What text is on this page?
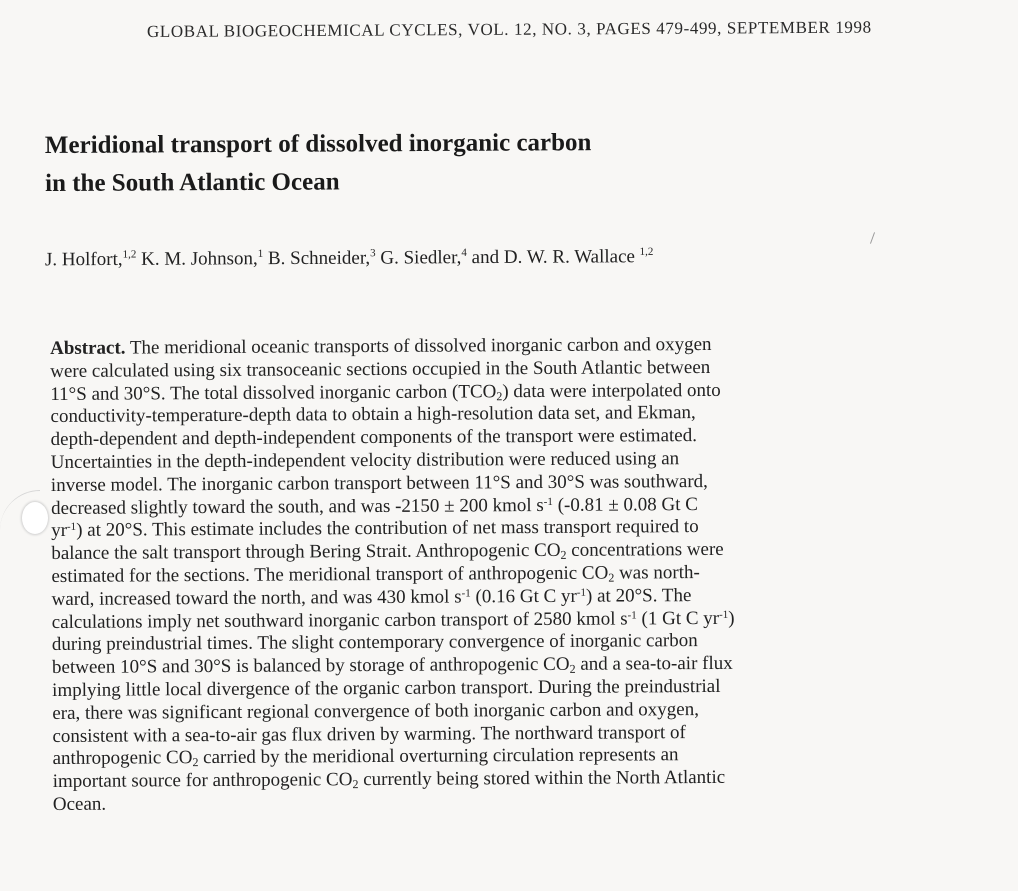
GLOBAL BIOGEOCHEMICAL CYCLES, VOL. 12, NO. 3, PAGES 479-499, SEPTEMBER 1998
Meridional transport of dissolved inorganic carbon
in the South Atlantic Ocean
J. Holfort,$^{1,2}$ K. M. Johnson,$^1$ B. Schneider,$^3$ G. Siedler,$^4$ and D. W. R. Wallace $^{1,2}$
Abstract. The meridional oceanic transports of dissolved inorganic carbon and oxygen
were calculated using six transoceanic sections occupied in the South Atlantic between
11°S and 30°S. The total dissolved inorganic carbon $(TCO_2)$ data were interpolated onto
conductivity-temperature-depth data to obtain a high-resolution data set, and Ekman,
depth-dependent and depth-independent components of the transport were estimated.
Uncertainties in the depth-independent velocity distribution were reduced using an
inverse model. The inorganic carbon transport between 11°S and 30°S was southward,
decreased slightly toward the south, and was -2150 ± 200 kmol $s^{-1}$ (-0.81 ± 0.08 Gt C
$yr^{-1}$) at 20°S. This estimate includes the contribution of net mass transport required to
balance the salt transport through Bering Strait. Anthropogenic $CO_2$ concentrations were
estimated for the sections. The meridional transport of anthropogenic $CO_2$ was north-
ward, increased toward the north, and was 430 kmol $s^{-1}$ (0.16 Gt C $yr^{-1}$) at 20°S. The
calculations imply net southward inorganic carbon transport of 2580 kmol $s^{-1}$ (1 Gt C $yr^{-1}$)
during preindustrial times. The slight contemporary convergence of inorganic carbon
between 10°S and 30°S is balanced by storage of anthropogenic $CO_2$ and a sea-to-air flux
implying little local divergence of the organic carbon transport. During the preindustrial
era, there was significant regional convergence of both inorganic carbon and oxygen,
consistent with a sea-to-air gas flux driven by warming. The northward transport of
anthropogenic $CO_2$ carried by the meridional overturning circulation represents an
important source for anthropogenic $CO_2$ currently being stored within the North Atlantic
Ocean.
